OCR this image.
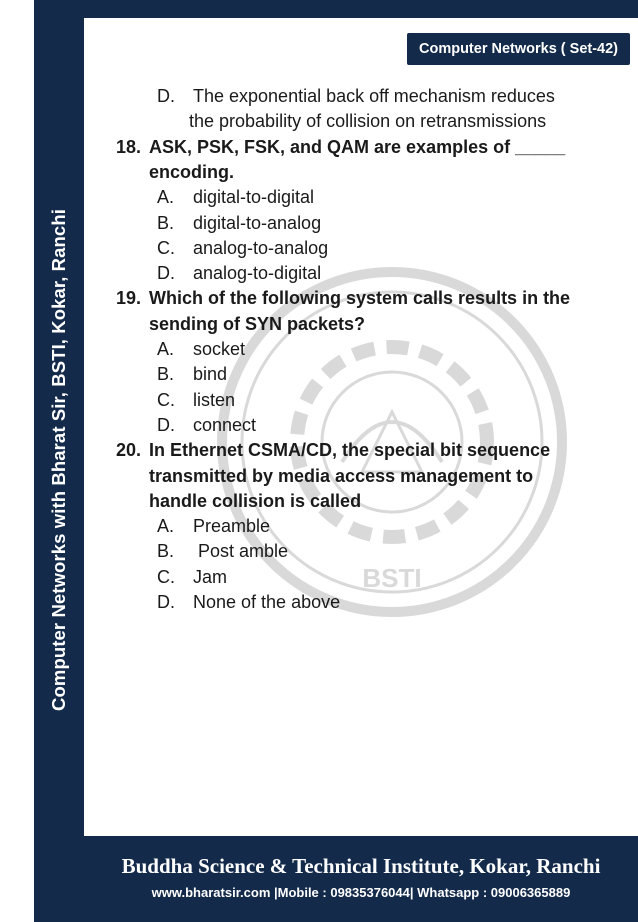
Computer Networks with Bharat Sir, BSTI, Kokar, Ranchi
Computer Networks ( Set-42)
BSTI
D. The exponential back off mechanism reduces
the probability of collision on retransmissions
18. ASK, PSK, FSK, and QAM are examples of _____
encoding.
A. digital-to-digital
B. digital-to-analog
C. analog-to-analog
D. analog-to-digital
19. Which of the following system calls results in the
sending of SYN packets?
A. socket
B. bind
C. listen
D. connect
20. In Ethernet CSMA/CD, the special bit sequence
transmitted by media access management to
handle collision is called
A. Preamble
B. Post amble
C. Jam
D. None of the above
Buddha Science & Technical Institute, Kokar, Ranchi
www.bharatsir.com |Mobile : 09835376044| Whatsapp : 09006365889
